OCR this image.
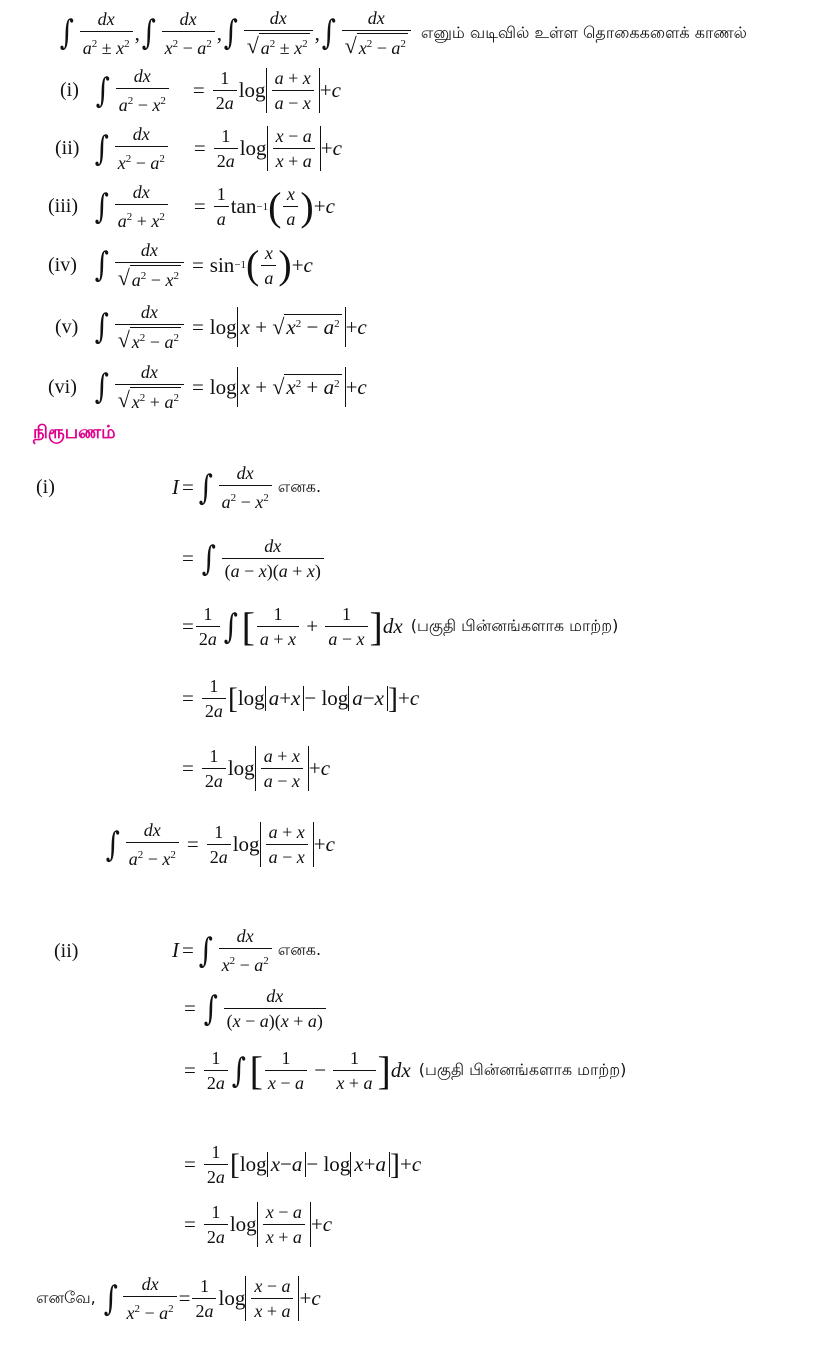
∫ dx
$a^2 \pm x^2$ , ∫ dx
$x^2 - a^2$ , ∫ dx
√ $a^2 \pm x^2$ , ∫ dx
√ $x^2 - a^2$
எனும் வடிவில் உள்ள தொகைகளைக் காணல்
(i) ∫ $\frac{dx}{a^2 - x^2} = \frac{1}{2a}$ log a + x
a − x
+ c
(ii) ∫ $\frac{dx}{x^2 - a^2} = \frac{1}{2a}$ log x − a
x + a
+ c
(iii) ∫ $\frac{dx}{a^2 + x^2} = \frac{1}{a}$ tan −1 ( x
a ) + c
(iv) ∫ $\frac{dx}{√ a^2 - x^2} = \sin -1$ ( x
a ) + c
(v) ∫ $\frac{dx}{√ x^2 - a^2} = \log x$ + √ $x^2 - a^2 + c$
(vi) ∫ $\frac{dx}{√ x^2 + a^2} = \log x$ + √ $x^2 + a^2 + c$
நிரூபணம்
(i)	I = ∫ dx
$a^2 - x^2$
எனக.
= ∫	dx
(a − x)(a + x)
= 1
2a ∫ [ 1
a + x
+ 1
a − x ] dx (பகுதி பின்னங்களாக மாற்ற)
= $\frac{1}{2a}$ [ log a + x − log a − x ] + c
= $\frac{1}{2a}$ log a + x
a − x
+ c
∫ $\frac{dx}{a^2 - x^2} = \frac{1}{2a}$ log a + x
a − x
+ c
(ii)	I = ∫ dx
$x^2 - a^2$
எனக.
= ∫	dx
(x − a)(x + a)
= $\frac{1}{2a}$ ∫ [ 1
x − a
− 1
x + a ] dx (பகுதி பின்னங்களாக மாற்ற)
= $\frac{1}{2a}$ [ log x − a − log x + a ] + c
= $\frac{1}{2a}$ log x − a
x + a
+ c
எனவே, ∫ dx
$x^2 - a^2 = 1$
2a
log x − a
x + a
+ c
